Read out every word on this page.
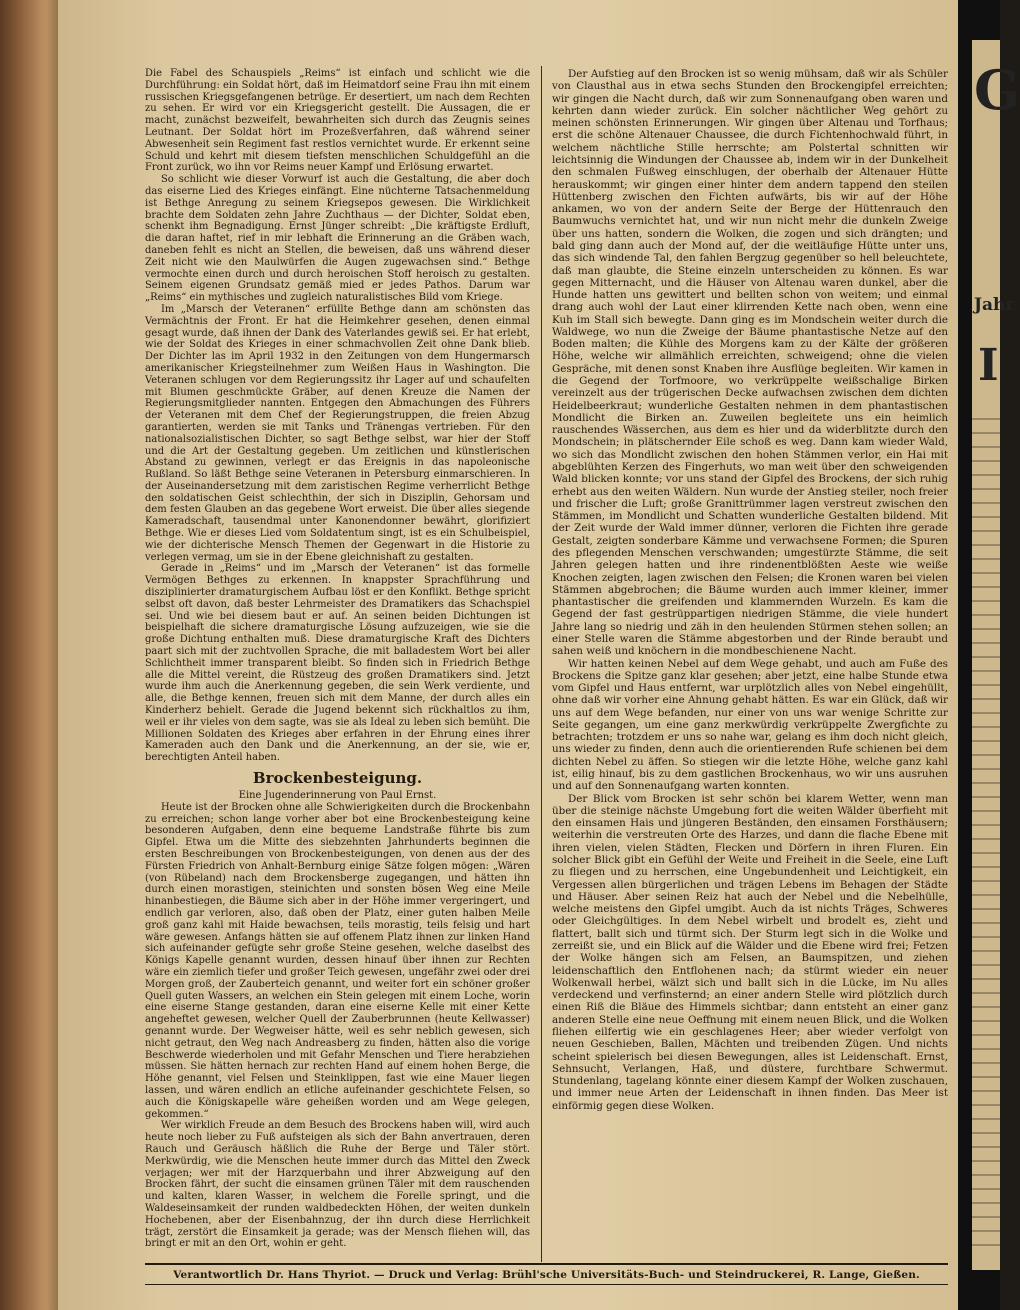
G
Jahr
I

Die Fabel des Schauspiels „Reims“ ist einfach und schlicht wie die Durchführung: ein Soldat hört, daß im Heimatdorf seine Frau ihn mit einem russischen Kriegsgefangenen betrüge. Er desertiert, um nach dem Rechten zu sehen. Er wird vor ein Kriegsgericht gestellt. Die Aussagen, die er macht, zunächst bezweifelt, bewahrheiten sich durch das Zeugnis seines Leutnant. Der Soldat hört im Prozeßverfahren, daß während seiner Abwesenheit sein Regiment fast restlos vernichtet wurde. Er erkennt seine Schuld und kehrt mit diesem tiefsten menschlichen Schuldgefühl an die Front zurück, wo ihn vor Reims neuer Kampf und Erlösung erwartet.

So schlicht wie dieser Vorwurf ist auch die Gestaltung, die aber doch das eiserne Lied des Krieges einfängt. Eine nüchterne Tatsachenmeldung ist Bethge Anregung zu seinem Kriegsepos gewesen. Die Wirklichkeit brachte dem Soldaten zehn Jahre Zuchthaus — der Dichter, Soldat eben, schenkt ihm Begnadigung. Ernst Jünger schreibt: „Die kräftigste Erdluft, die daran haftet, rief in mir lebhaft die Erinnerung an die Gräben wach, daneben fehlt es nicht an Stellen, die beweisen, daß uns während dieser Zeit nicht wie den Maulwürfen die Augen zugewachsen sind.“ Bethge vermochte einen durch und durch heroischen Stoff heroisch zu gestalten. Seinem eigenen Grundsatz gemäß mied er jedes Pathos. Darum war „Reims“ ein mythisches und zugleich naturalistisches Bild vom Kriege.

Im „Marsch der Veteranen“ erfüllte Bethge dann am schönsten das Vermächtnis der Front. Er hat die Heimkehrer gesehen, denen einmal gesagt wurde, daß ihnen der Dank des Vaterlandes gewiß sei. Er hat erlebt, wie der Soldat des Krieges in einer schmachvollen Zeit ohne Dank blieb. Der Dichter las im April 1932 in den Zeitungen von dem Hungermarsch amerikanischer Kriegsteilnehmer zum Weißen Haus in Washington. Die Veteranen schlugen vor dem Regierungssitz ihr Lager auf und schaufelten mit Blumen geschmückte Gräber, auf denen Kreuze die Namen der Regierungsmitglieder nannten. Entgegen den Abmachungen des Führers der Veteranen mit dem Chef der Regierungstruppen, die freien Abzug garantierten, werden sie mit Tanks und Tränengas vertrieben. Für den nationalsozialistischen Dichter, so sagt Bethge selbst, war hier der Stoff und die Art der Gestaltung gegeben. Um zeitlichen und künstlerischen Abstand zu gewinnen, verlegt er das Ereignis in das napoleonische Rußland. So läßt Bethge seine Veteranen in Petersburg einmarschieren. In der Auseinandersetzung mit dem zaristischen Regime verherrlicht Bethge den soldatischen Geist schlechthin, der sich in Disziplin, Gehorsam und dem festen Glauben an das gegebene Wort erweist. Die über alles siegende Kameradschaft, tausendmal unter Kanonendonner bewährt, glorifiziert Bethge. Wie er dieses Lied vom Soldatentum singt, ist es ein Schulbeispiel, wie der dichterische Mensch Themen der Gegenwart in die Historie zu verlegen vermag, um sie in der Ebene gleichnishaft zu gestalten.

Gerade in „Reims“ und im „Marsch der Veteranen“ ist das formelle Vermögen Bethges zu erkennen. In knappster Sprachführung und disziplinierter dramaturgischem Aufbau löst er den Konflikt. Bethge spricht selbst oft davon, daß bester Lehrmeister des Dramatikers das Schachspiel sei. Und wie bei diesem baut er auf. An seinen beiden Dichtungen ist beispielhaft die sichere dramaturgische Lösung aufzuzeigen, wie sie die große Dichtung enthalten muß. Diese dramaturgische Kraft des Dichters paart sich mit der zuchtvollen Sprache, die mit balladestem Wort bei aller Schlichtheit immer transparent bleibt. So finden sich in Friedrich Bethge alle die Mittel vereint, die Rüstzeug des großen Dramatikers sind. Jetzt wurde ihm auch die Anerkennung gegeben, die sein Werk verdiente, und alle, die Bethge kennen, freuen sich mit dem Manne, der durch alles ein Kinderherz behielt. Gerade die Jugend bekennt sich rückhaltlos zu ihm, weil er ihr vieles von dem sagte, was sie als Ideal zu leben sich bemüht. Die Millionen Soldaten des Krieges aber erfahren in der Ehrung eines ihrer Kameraden auch den Dank und die Anerkennung, an der sie, wie er, berechtigten Anteil haben.

Brockenbesteigung.

Eine Jugenderinnerung von Paul Ernst.

Heute ist der Brocken ohne alle Schwierigkeiten durch die Brockenbahn zu erreichen; schon lange vorher aber bot eine Brockenbesteigung keine besonderen Aufgaben, denn eine bequeme Landstraße führte bis zum Gipfel. Etwa um die Mitte des siebzehnten Jahrhunderts beginnen die ersten Beschreibungen von Brockenbesteigungen, von denen aus der des Fürsten Friedrich von Anhalt-Bernburg einige Sätze folgen mögen: „Wären (von Rübeland) nach dem Brockensberge zugegangen, und hätten ihn durch einen morastigen, steinichten und sonsten bösen Weg eine Meile hinanbestiegen, die Bäume sich aber in der Höhe immer vergeringert, und endlich gar verloren, also, daß oben der Platz, einer guten halben Meile groß ganz kahl mit Haide bewachsen, teils morastig, teils felsig und hart wäre gewesen. Anfangs hätten sie auf offenem Platz ihnen zur linken Hand sich aufeinander gefügte sehr große Steine gesehen, welche daselbst des Königs Kapelle genannt wurden, dessen hinauf über ihnen zur Rechten wäre ein ziemlich tiefer und großer Teich gewesen, ungefähr zwei oder drei Morgen groß, der Zauberteich genannt, und weiter fort ein schöner großer Quell guten Wassers, an welchen ein Stein gelegen mit einem Loche, worin eine eiserne Stange gestanden, daran eine eiserne Kelle mit einer Kette angeheftet gewesen, welcher Quell der Zauberbrunnen (heute Kellwasser) genannt wurde. Der Wegweiser hätte, weil es sehr neblich gewesen, sich nicht getraut, den Weg nach Andreasberg zu finden, hätten also die vorige Beschwerde wiederholen und mit Gefahr Menschen und Tiere herabziehen müssen. Sie hätten hernach zur rechten Hand auf einem hohen Berge, die Höhe genannt, viel Felsen und Steinklippen, fast wie eine Mauer liegen lassen, und wären endlich an etliche aufeinander geschichtete Felsen, so auch die Königskapelle wäre geheißen worden und am Wege gelegen, gekommen.“

Wer wirklich Freude an dem Besuch des Brockens haben will, wird auch heute noch lieber zu Fuß aufsteigen als sich der Bahn anvertrauen, deren Rauch und Geräusch häßlich die Ruhe der Berge und Täler stört. Merkwürdig, wie die Menschen heute immer durch das Mittel den Zweck verjagen; wer mit der Harzquerbahn und ihrer Abzweigung auf den Brocken fährt, der sucht die einsamen grünen Täler mit dem rauschenden und kalten, klaren Wasser, in welchem die Forelle springt, und die Waldeseinsamkeit der runden waldbedeckten Höhen, der weiten dunkeln Hochebenen, aber der Eisenbahnzug, der ihn durch diese Herrlichkeit trägt, zerstört die Einsamkeit ja gerade; was der Mensch fliehen will, das bringt er mit an den Ort, wohin er geht.

Der Aufstieg auf den Brocken ist so wenig mühsam, daß wir als Schüler von Clausthal aus in etwa sechs Stunden den Brockengipfel erreichten; wir gingen die Nacht durch, daß wir zum Sonnenaufgang oben waren und kehrten dann wieder zurück. Ein solcher nächtlicher Weg gehört zu meinen schönsten Erinnerungen. Wir gingen über Altenau und Torfhaus; erst die schöne Altenauer Chaussee, die durch Fichtenhochwald führt, in welchem nächtliche Stille herrschte; am Polstertal schnitten wir leichtsinnig die Windungen der Chaussee ab, indem wir in der Dunkelheit den schmalen Fußweg einschlugen, der oberhalb der Altenauer Hütte herauskommt; wir gingen einer hinter dem andern tappend den steilen Hüttenberg zwischen den Fichten aufwärts, bis wir auf der Höhe ankamen, wo von der andern Seite der Berge der Hüttenrauch den Baumwuchs vernichtet hat, und wir nun nicht mehr die dunkeln Zweige über uns hatten, sondern die Wolken, die zogen und sich drängten; und bald ging dann auch der Mond auf, der die weitläufige Hütte unter uns, das sich windende Tal, den fahlen Bergzug gegenüber so hell beleuchtete, daß man glaubte, die Steine einzeln unterscheiden zu können. Es war gegen Mitternacht, und die Häuser von Altenau waren dunkel, aber die Hunde hatten uns gewittert und bellten schon von weitem; und einmal drang auch wohl der Laut einer klirrenden Kette nach oben, wenn eine Kuh im Stall sich bewegte. Dann ging es im Mondschein weiter durch die Waldwege, wo nun die Zweige der Bäume phantastische Netze auf den Boden malten; die Kühle des Morgens kam zu der Kälte der größeren Höhe, welche wir allmählich erreichten, schweigend; ohne die vielen Gespräche, mit denen sonst Knaben ihre Ausflüge begleiten. Wir kamen in die Gegend der Torfmoore, wo verkrüppelte weißschalige Birken vereinzelt aus der trügerischen Decke aufwachsen zwischen dem dichten Heidelbeerkraut; wunderliche Gestalten nehmen in dem phantastischen Mondlicht die Birken an. Zuweilen begleitete uns ein heimlich rauschendes Wässerchen, aus dem es hier und da widerblitzte durch den Mondschein; in plätschernder Eile schoß es weg. Dann kam wieder Wald, wo sich das Mondlicht zwischen den hohen Stämmen verlor, ein Hai mit abgeblühten Kerzen des Fingerhuts, wo man weit über den schweigenden Wald blicken konnte; vor uns stand der Gipfel des Brockens, der sich ruhig erhebt aus den weiten Wäldern. Nun wurde der Anstieg steiler, noch freier und frischer die Luft; große Granittrümmer lagen verstreut zwischen den Stämmen, im Mondlicht und Schatten wunderliche Gestalten bildend. Mit der Zeit wurde der Wald immer dünner, verloren die Fichten ihre gerade Gestalt, zeigten sonderbare Kämme und verwachsene Formen; die Spuren des pflegenden Menschen verschwanden; umgestürzte Stämme, die seit Jahren gelegen hatten und ihre rindenentblößten Aeste wie weiße Knochen zeigten, lagen zwischen den Felsen; die Kronen waren bei vielen Stämmen abgebrochen; die Bäume wurden auch immer kleiner, immer phantastischer die greifenden und klammernden Wurzeln. Es kam die Gegend der fast gestrüppartigen niedrigen Stämme, die viele hundert Jahre lang so niedrig und zäh in den heulenden Stürmen stehen sollen; an einer Stelle waren die Stämme abgestorben und der Rinde beraubt und sahen weiß und knöchern in die mondbeschienene Nacht.

Wir hatten keinen Nebel auf dem Wege gehabt, und auch am Fuße des Brockens die Spitze ganz klar gesehen; aber jetzt, eine halbe Stunde etwa vom Gipfel und Haus entfernt, war urplötzlich alles von Nebel eingehüllt, ohne daß wir vorher eine Ahnung gehabt hätten. Es war ein Glück, daß wir uns auf dem Wege befanden, nur einer von uns war wenige Schritte zur Seite gegangen, um eine ganz merkwürdig verkrüppelte Zwergfichte zu betrachten; trotzdem er uns so nahe war, gelang es ihm doch nicht gleich, uns wieder zu finden, denn auch die orientierenden Rufe schienen bei dem dichten Nebel zu äffen. So stiegen wir die letzte Höhe, welche ganz kahl ist, eilig hinauf, bis zu dem gastlichen Brockenhaus, wo wir uns ausruhen und auf den Sonnenaufgang warten konnten.

Der Blick vom Brocken ist sehr schön bei klarem Wetter, wenn man über die steinige nächste Umgebung fort die weiten Wälder überfieht mit den einsamen Hais und jüngeren Beständen, den einsamen Forsthäusern; weiterhin die verstreuten Orte des Harzes, und dann die flache Ebene mit ihren vielen, vielen Städten, Flecken und Dörfern in ihren Fluren. Ein solcher Blick gibt ein Gefühl der Weite und Freiheit in die Seele, eine Luft zu fliegen und zu herrschen, eine Ungebundenheit und Leichtigkeit, ein Vergessen allen bürgerlichen und trägen Lebens im Behagen der Städte und Häuser. Aber seinen Reiz hat auch der Nebel und die Nebelhülle, welche meistens den Gipfel umgibt. Auch da ist nichts Träges, Schweres oder Gleichgültiges. In dem Nebel wirbelt und brodelt es, zieht und flattert, ballt sich und türmt sich. Der Sturm legt sich in die Wolke und zerreißt sie, und ein Blick auf die Wälder und die Ebene wird frei; Fetzen der Wolke hängen sich am Felsen, an Baumspitzen, und ziehen leidenschaftlich den Entflohenen nach; da stürmt wieder ein neuer Wolkenwall herbei, wälzt sich und ballt sich in die Lücke, im Nu alles verdeckend und verfinsternd; an einer andern Stelle wird plötzlich durch einen Riß die Bläue des Himmels sichtbar; dann entsteht an einer ganz anderen Stelle eine neue Oeffnung mit einem neuen Blick, und die Wolken fliehen eilfertig wie ein geschlagenes Heer; aber wieder verfolgt von neuen Geschieben, Ballen, Mächten und treibenden Zügen. Und nichts scheint spielerisch bei diesen Bewegungen, alles ist Leidenschaft. Ernst, Sehnsucht, Verlangen, Haß, und düstere, furchtbare Schwermut. Stundenlang, tagelang könnte einer diesem Kampf der Wolken zuschauen, und immer neue Arten der Leidenschaft in ihnen finden. Das Meer ist einförmig gegen diese Wolken.

Verantwortlich Dr. Hans Thyriot. — Druck und Verlag: Brühl'sche Universitäts-Buch- und Steindruckerei, R. Lange, Gießen.
